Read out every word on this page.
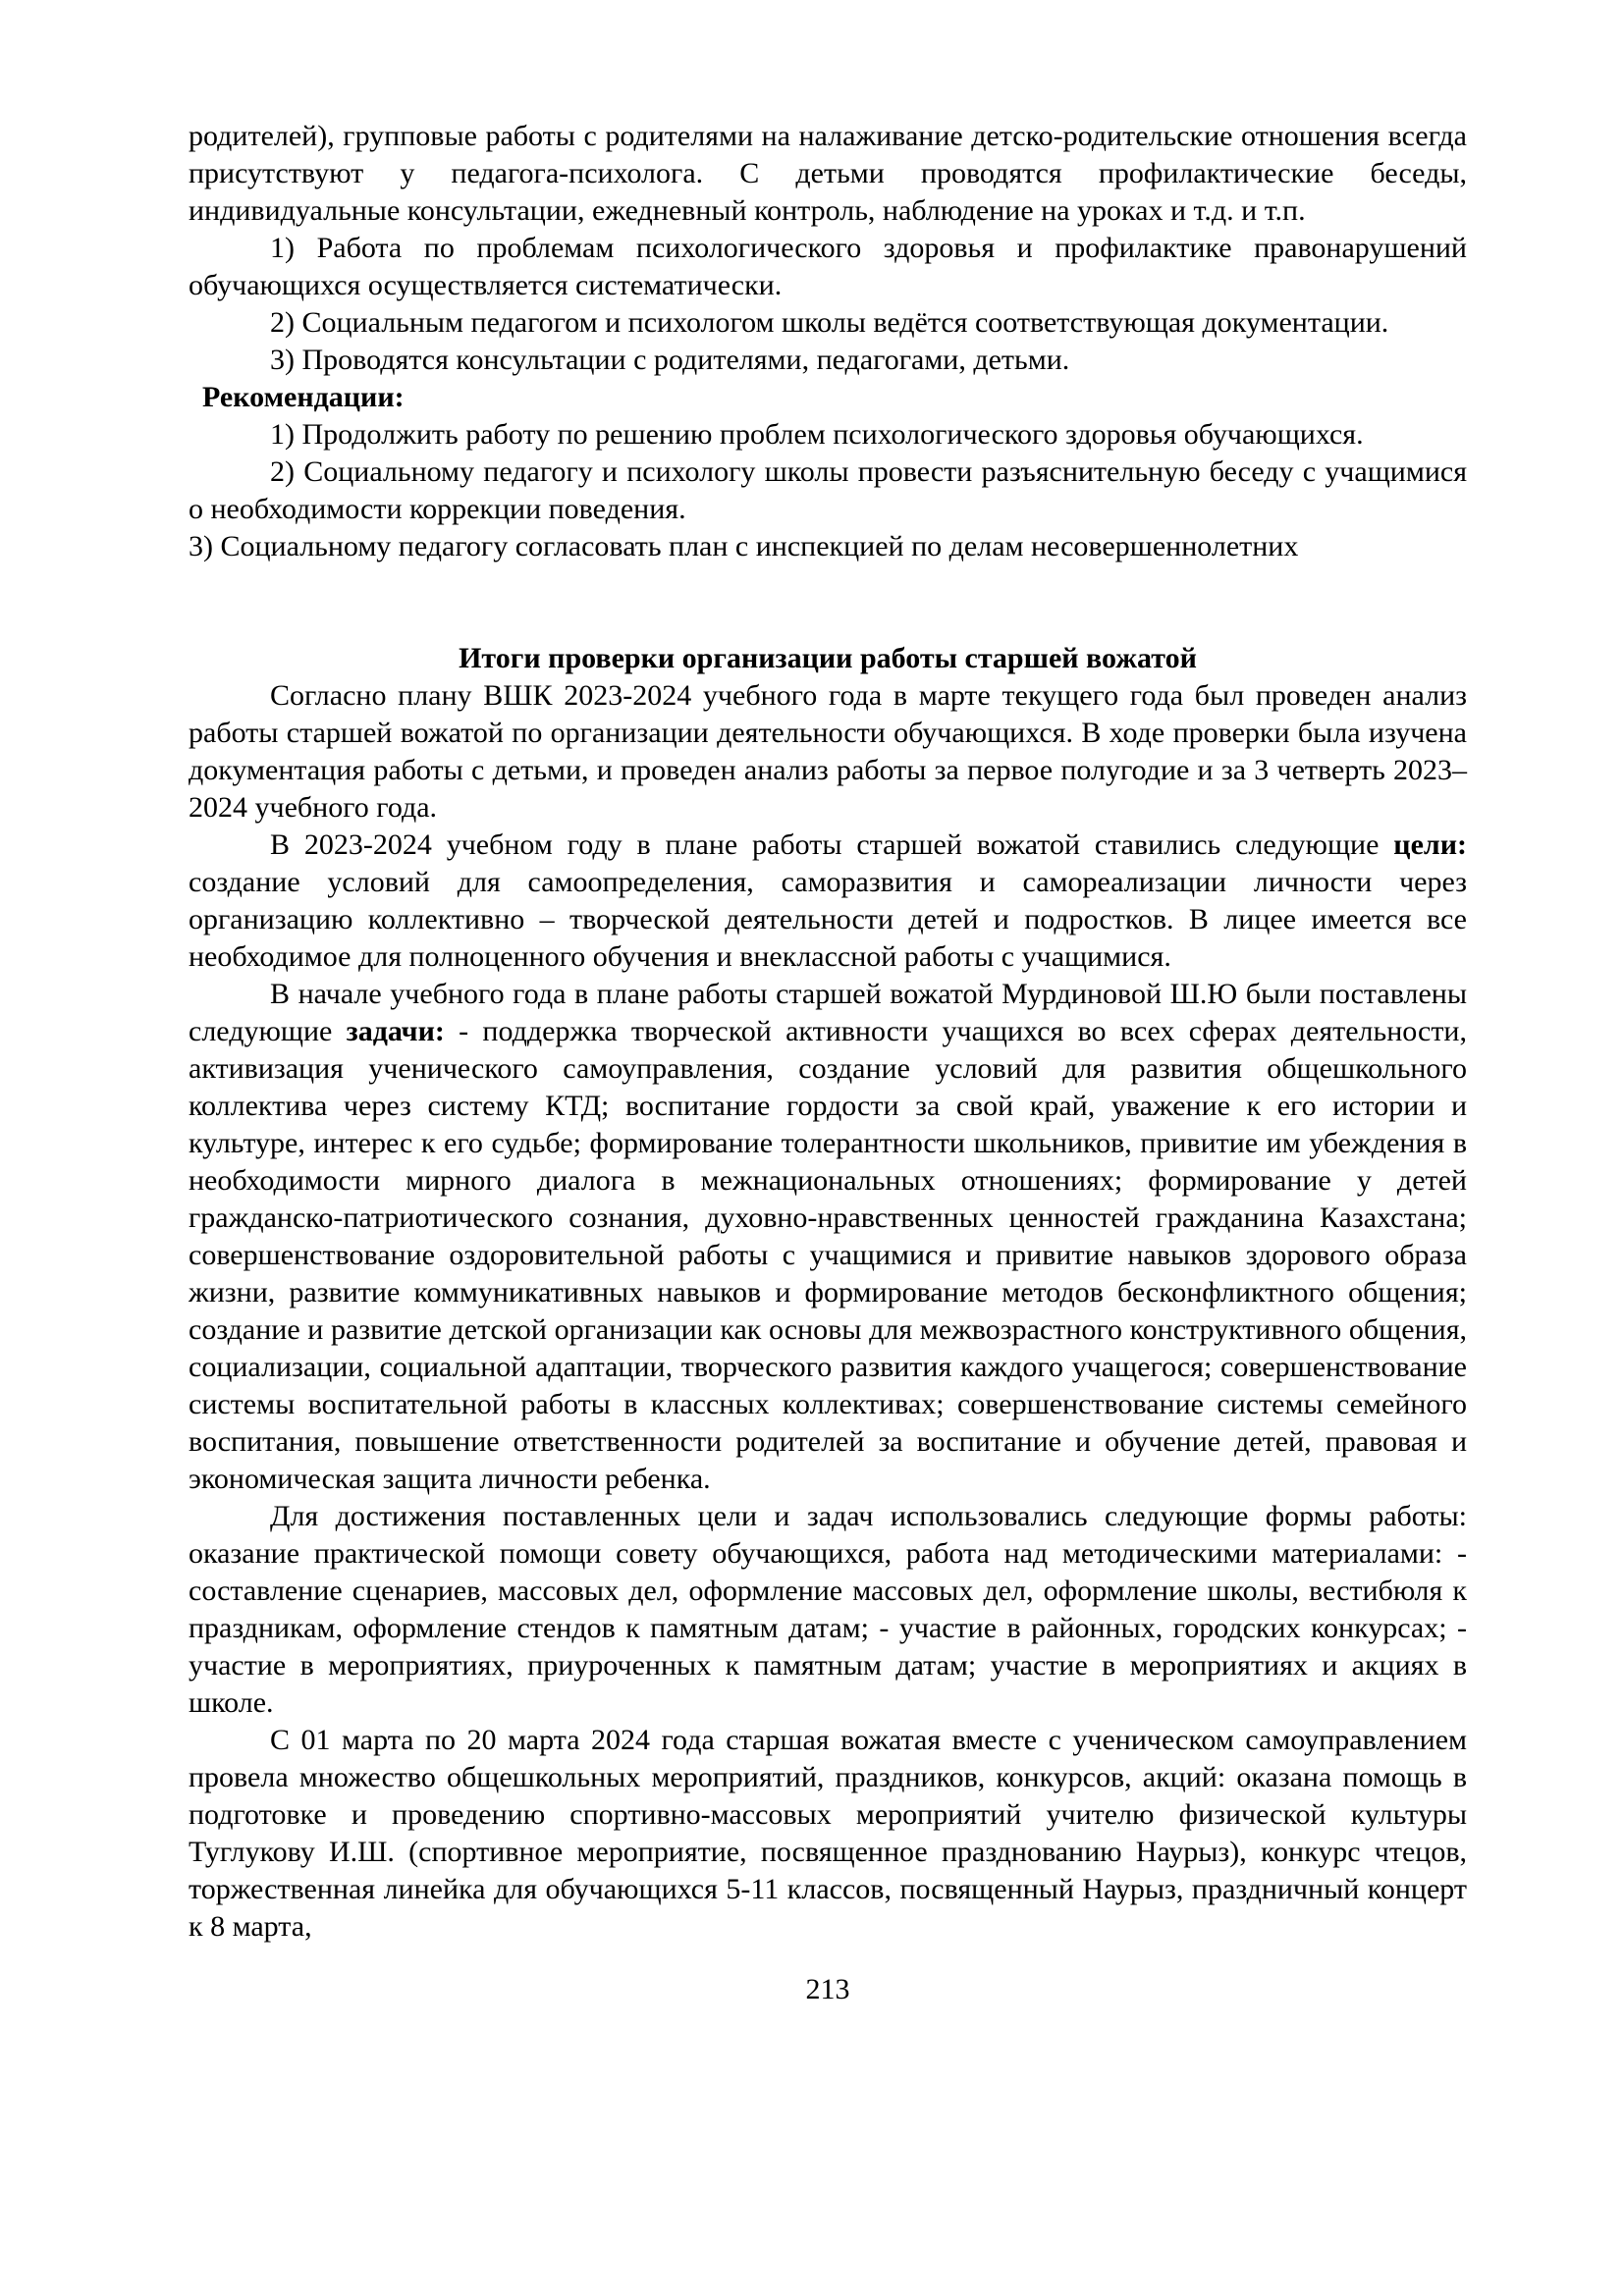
родителей), групповые работы с родителями на налаживание детско-родительские отношения всегда присутствуют у педагога-психолога. С детьми проводятся профилактические беседы, индивидуальные консультации, ежедневный контроль, наблюдение на уроках и т.д. и т.п.

1) Работа по проблемам психологического здоровья и профилактике правонарушений обучающихся осуществляется систематически.

2) Социальным педагогом и психологом школы ведётся соответствующая документации.

3) Проводятся консультации с родителями, педагогами, детьми.

Рекомендации:

1) Продолжить работу по решению проблем психологического здоровья обучающихся.

2) Социальному педагогу и психологу школы провести разъяснительную беседу с учащимися о необходимости коррекции поведения.

3) Социальному педагогу согласовать план с инспекцией по делам несовершеннолетних

Итоги проверки организации работы старшей вожатой

Согласно плану ВШК 2023-2024 учебного года в марте текущего года был проведен анализ работы старшей вожатой по организации деятельности обучающихся. В ходе проверки была изучена документация работы с детьми, и проведен анализ работы за первое полугодие и за 3 четверть 2023– 2024 учебного года.

В 2023-2024 учебном году в плане работы старшей вожатой ставились следующие цели: создание условий для самоопределения, саморазвития и самореализации личности через организацию коллективно – творческой деятельности детей и подростков. В лицее имеется все необходимое для полноценного обучения и внеклассной работы с учащимися.

В начале учебного года в плане работы старшей вожатой Мурдиновой Ш.Ю были поставлены следующие задачи: - поддержка творческой активности учащихся во всех сферах деятельности, активизация ученического самоуправления, создание условий для развития общешкольного коллектива через систему КТД; воспитание гордости за свой край, уважение к его истории и культуре, интерес к его судьбе; формирование толерантности школьников, привитие им убеждения в необходимости мирного диалога в межнациональных отношениях; формирование у детей гражданско-патриотического сознания, духовно-нравственных ценностей гражданина Казахстана; совершенствование оздоровительной работы с учащимися и привитие навыков здорового образа жизни, развитие коммуникативных навыков и формирование методов бесконфликтного общения; создание и развитие детской организации как основы для межвозрастного конструктивного общения, социализации, социальной адаптации, творческого развития каждого учащегося; совершенствование системы воспитательной работы в классных коллективах; совершенствование системы семейного воспитания, повышение ответственности родителей за воспитание и обучение детей, правовая и экономическая защита личности ребенка.

Для достижения поставленных цели и задач использовались следующие формы работы: оказание практической помощи совету обучающихся, работа над методическими материалами: - составление сценариев, массовых дел, оформление массовых дел, оформление школы, вестибюля к праздникам, оформление стендов к памятным датам; - участие в районных, городских конкурсах; - участие в мероприятиях, приуроченных к памятным датам; участие в мероприятиях и акциях в школе.

С 01 марта по 20 марта 2024 года старшая вожатая вместе с ученическом самоуправлением провела множество общешкольных мероприятий, праздников, конкурсов, акций: оказана помощь в подготовке и проведению спортивно-массовых мероприятий учителю физической культуры Туглукову И.Ш. (спортивное мероприятие, посвященное празднованию Наурыз), конкурс чтецов, торжественная линейка для обучающихся 5-11 классов, посвященный Наурыз, праздничный концерт к 8 марта,

213
